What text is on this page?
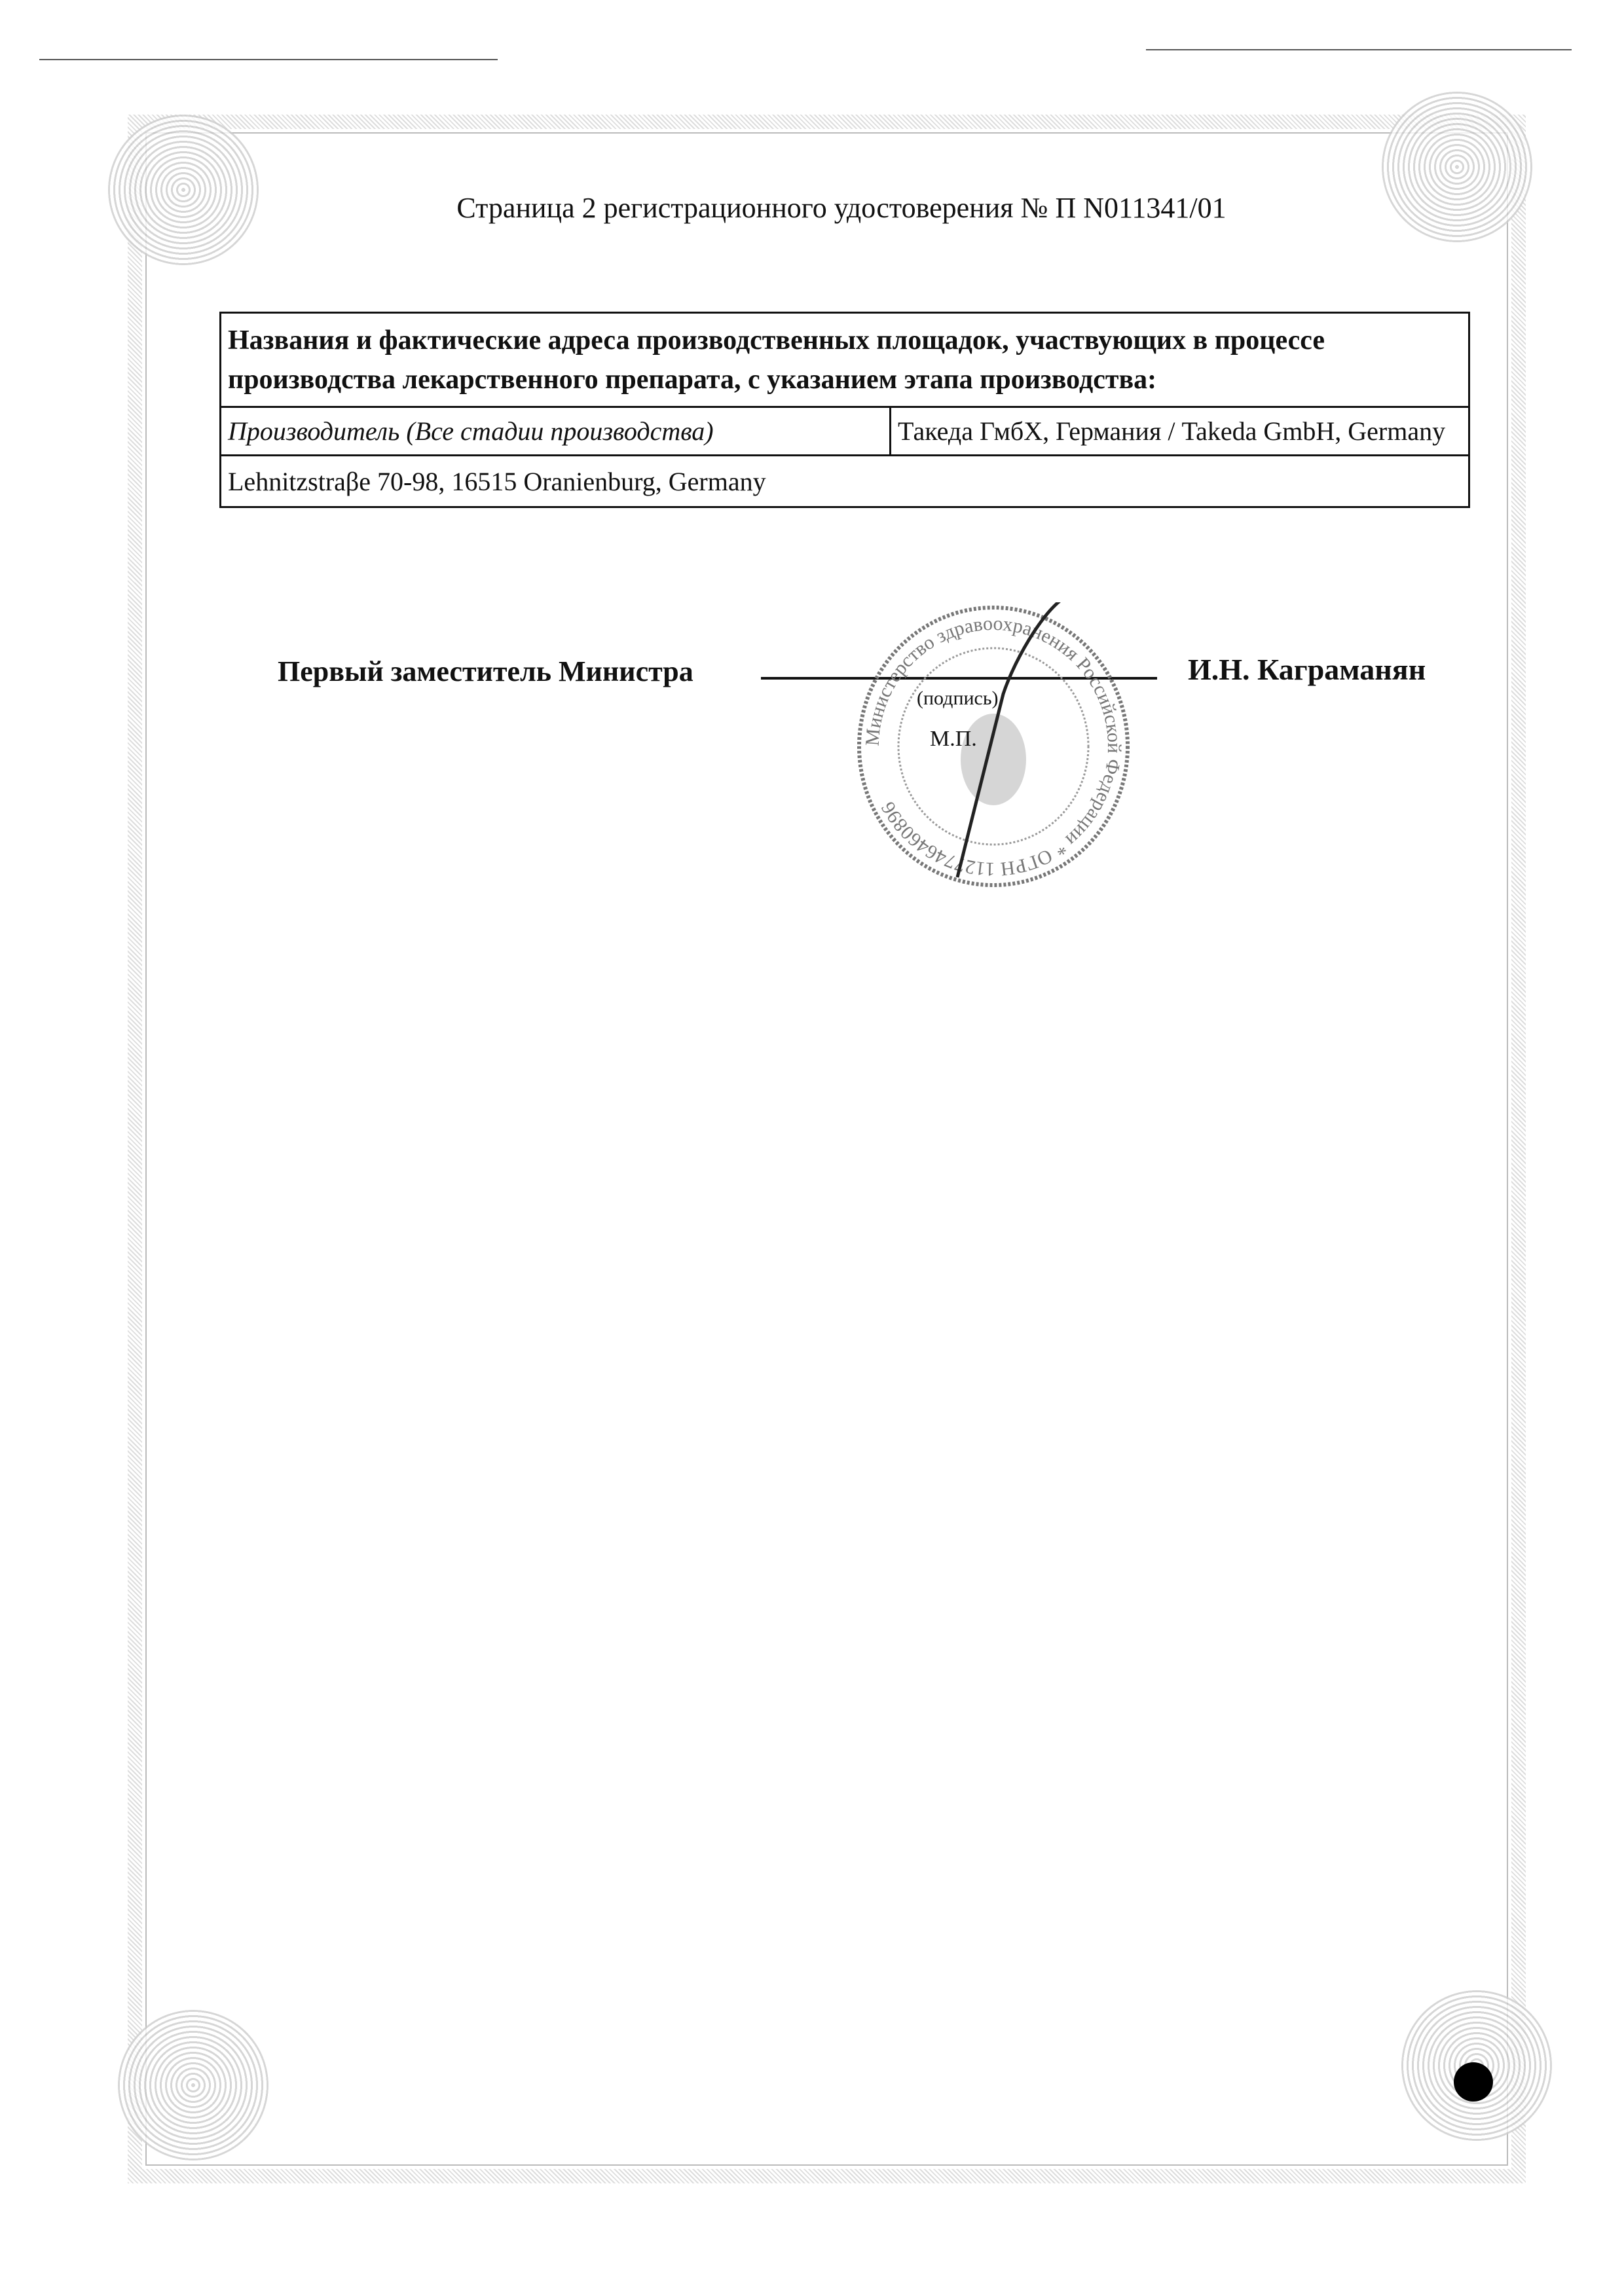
Страница 2 регистрационного удостоверения № П N011341/01
Названия и фактические адреса производственных площадок, участвующих в процессе производства лекарственного препарата, с указанием этапа производства:
Производитель (Все стадии производства)	Такеда ГмбХ, Германия / Takeda GmbH, Germany
Lehnitzstraβe 70-98, 16515 Oranienburg, Germany
Первый заместитель Министра	И.Н. Каграманян
Министерство здравоохранения Российской Федерации * ОГРН 1127746460896
(подпись)
М.П.
